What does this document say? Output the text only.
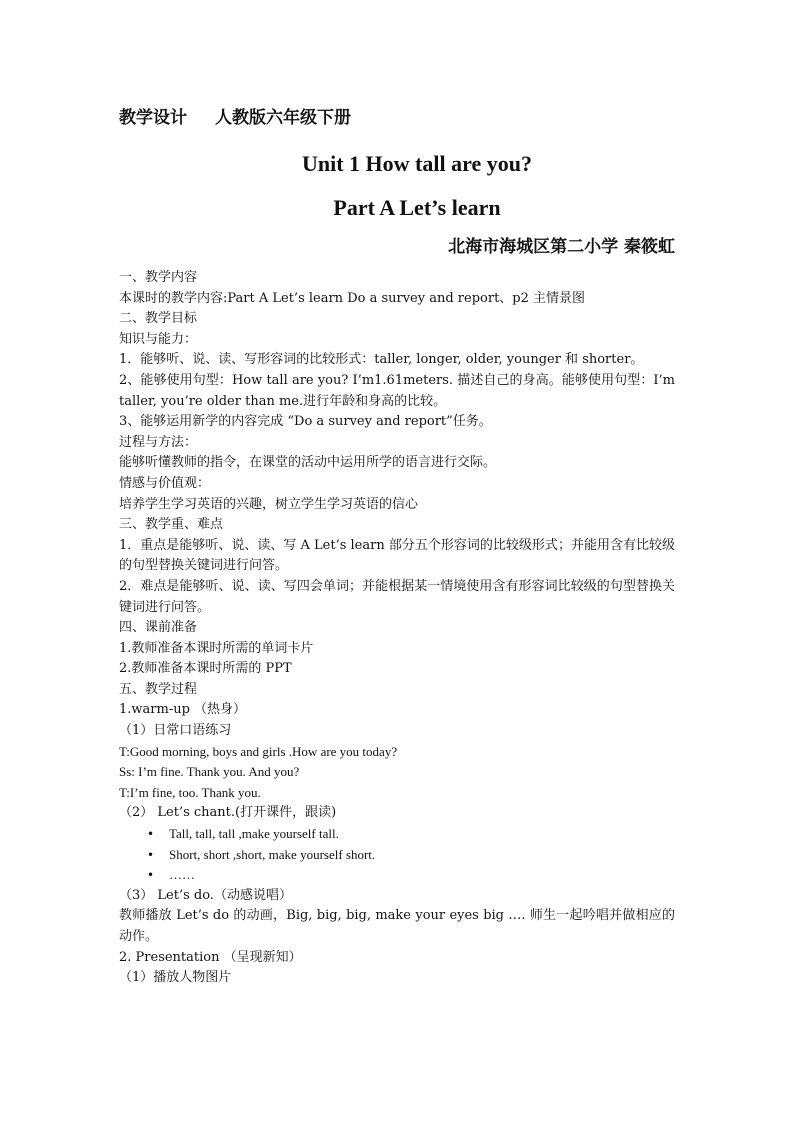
教学设计 人教版六年级下册
Unit 1 How tall are you?
Part A Let’s learn
北海市海城区第二小学 秦筱虹
一、教学内容
本课时的教学内容:Part A Let’s learn Do a survey and report、p2 主情景图
二、教学目标
知识与能力：
1．能够听、说、读、写形容词的比较形式：taller, longer, older, younger 和 shorter。
2、能够使用句型：How tall are you? I’m1.61meters. 描述自己的身高。能够使用句型：I’m taller, you’re older than me.进行年龄和身高的比较。
3、能够运用新学的内容完成 “Do a survey and report”任务。
过程与方法：
能够听懂教师的指令，在课堂的活动中运用所学的语言进行交际。
情感与价值观：
培养学生学习英语的兴趣，树立学生学习英语的信心
三、教学重、难点
1．重点是能够听、说、读、写 A Let’s learn 部分五个形容词的比较级形式；并能用含有比较级的句型替换关键词进行问答。
2．难点是能够听、说、读、写四会单词；并能根据某一情境使用含有形容词比较级的句型替换关键词进行问答。
四、课前准备
1.教师准备本课时所需的单词卡片
2.教师准备本课时所需的 PPT
五、教学过程
1.warm-up （热身）
（1）日常口语练习
T:Good morning, boys and girls .How are you today?
Ss: I’m fine. Thank you. And you?
T:I’m fine, too. Thank you.
（2） Let’s chant.(打开课件，跟读)
• Tall, tall, tall ,make yourself tall.
• Short, short ,short, make yourself short.
• ……
（3） Let’s do.（动感说唱）
教师播放 Let’s do 的动画，Big, big, big, make your eyes big …. 师生一起吟唱并做相应的动作。
2. Presentation （呈现新知）
（1）播放人物图片
